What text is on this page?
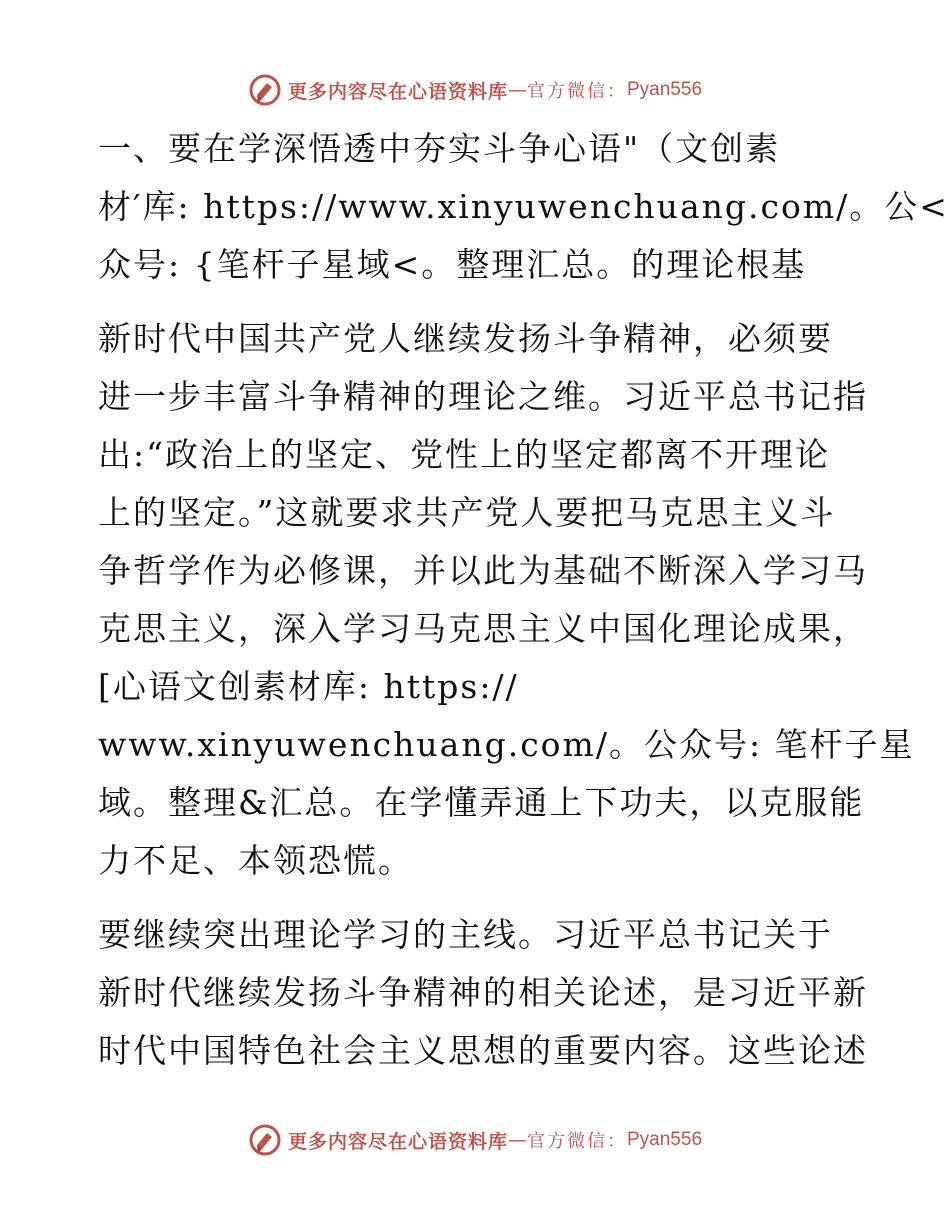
更多内容尽在心语资料库 — 官方微信： Pyan556
一、要在学深悟透中夯实斗争心语"（文创素
材′库: https://www.xinyuwenchuang.com/。公<
众号: {笔杆子星域<。整理汇总。的理论根基
新时代中国共产党人继续发扬斗争精神，必须要
进一步丰富斗争精神的理论之维。习近平总书记指
出:“政治上的坚定、党性上的坚定都离不开理论
上的坚定。”这就要求共产党人要把马克思主义斗
争哲学作为必修课，并以此为基础不断深入学习马
克思主义，深入学习马克思主义中国化理论成果，
[心语文创素材库: https://
www.xinyuwenchuang.com/。公众号: 笔杆子星
域。整理&汇总。在学懂弄通上下功夫，以克服能
力不足、本领恐慌。
要继续突出理论学习的主线。习近平总书记关于
新时代继续发扬斗争精神的相关论述，是习近平新
时代中国特色社会主义思想的重要内容。这些论述
更多内容尽在心语资料库 — 官方微信： Pyan556
